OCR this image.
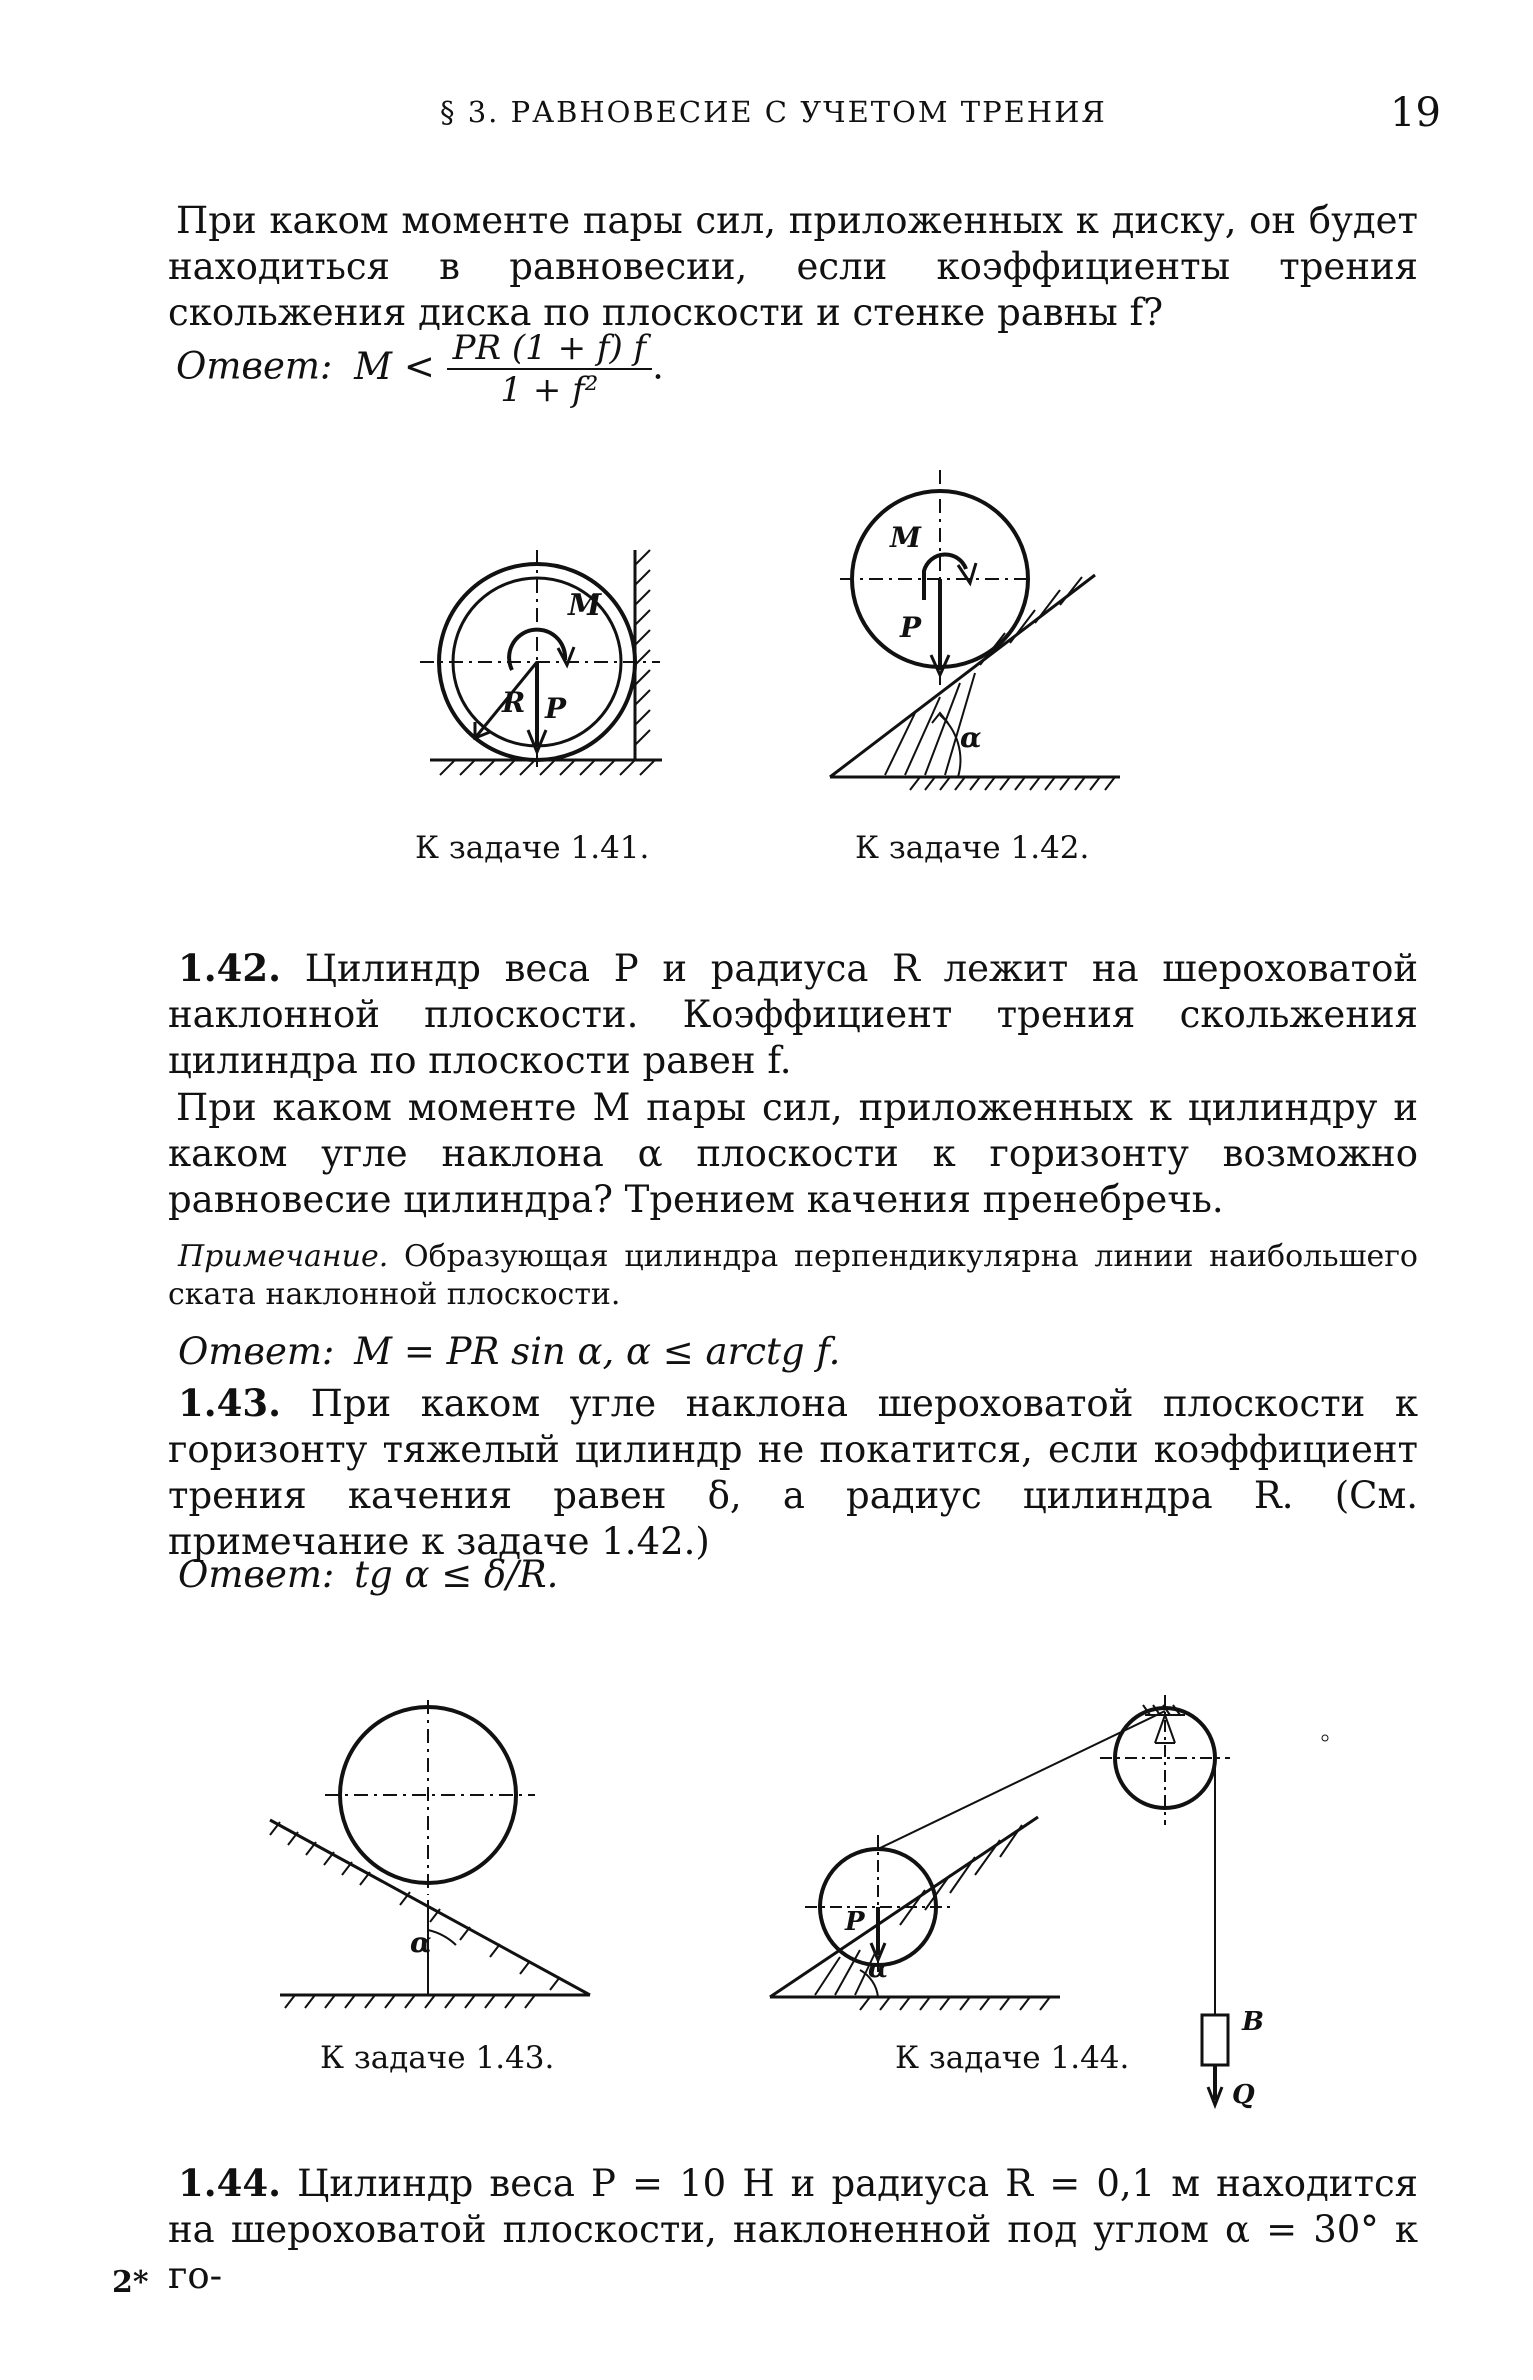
§ 3. РАВНОВЕСИЕ С УЧЕТОМ ТРЕНИЯ	19
При каком моменте пары сил, приложенных к диску, он будет находиться в равновесии, если коэффициенты трения скольжения диска по плоскости и стенке равны f?
Ответ: $M < \frac{PR (1 + f) f}{\text{1 + f²}}$ .
M
R P
M
P
α
К задаче 1.41.	К задаче 1.42.
1.42. Цилиндр веса P и радиуса R лежит на шероховатой наклонной плоскости. Коэффициент трения скольжения цилиндра по плоскости равен f.
При каком моменте M пары сил, приложенных к цилиндру и каком угле наклона α плоскости к горизонту возможно равновесие цилиндра? Трением качения пренебречь.
Примечание. Образующая цилиндра перпендикулярна линии наибольшего ската наклонной плоскости.
Ответ: M = PR sin α, α ≤ arctg f.
1.43. При каком угле наклона шероховатой плоскости к горизонту тяжелый цилиндр не покатится, если коэффициент трения качения равен δ, а радиус цилиндра R. (См. примечание к задаче 1.42.)
Ответ: tg α ≤ δ/R.
α
P
α
B
Q
К задаче 1.43.	К задаче 1.44.
1.44. Цилиндр веса P = 10 Н и радиуса R = 0,1 м находится на шероховатой плоскости, наклоненной под углом α = 30° к го-
2*
